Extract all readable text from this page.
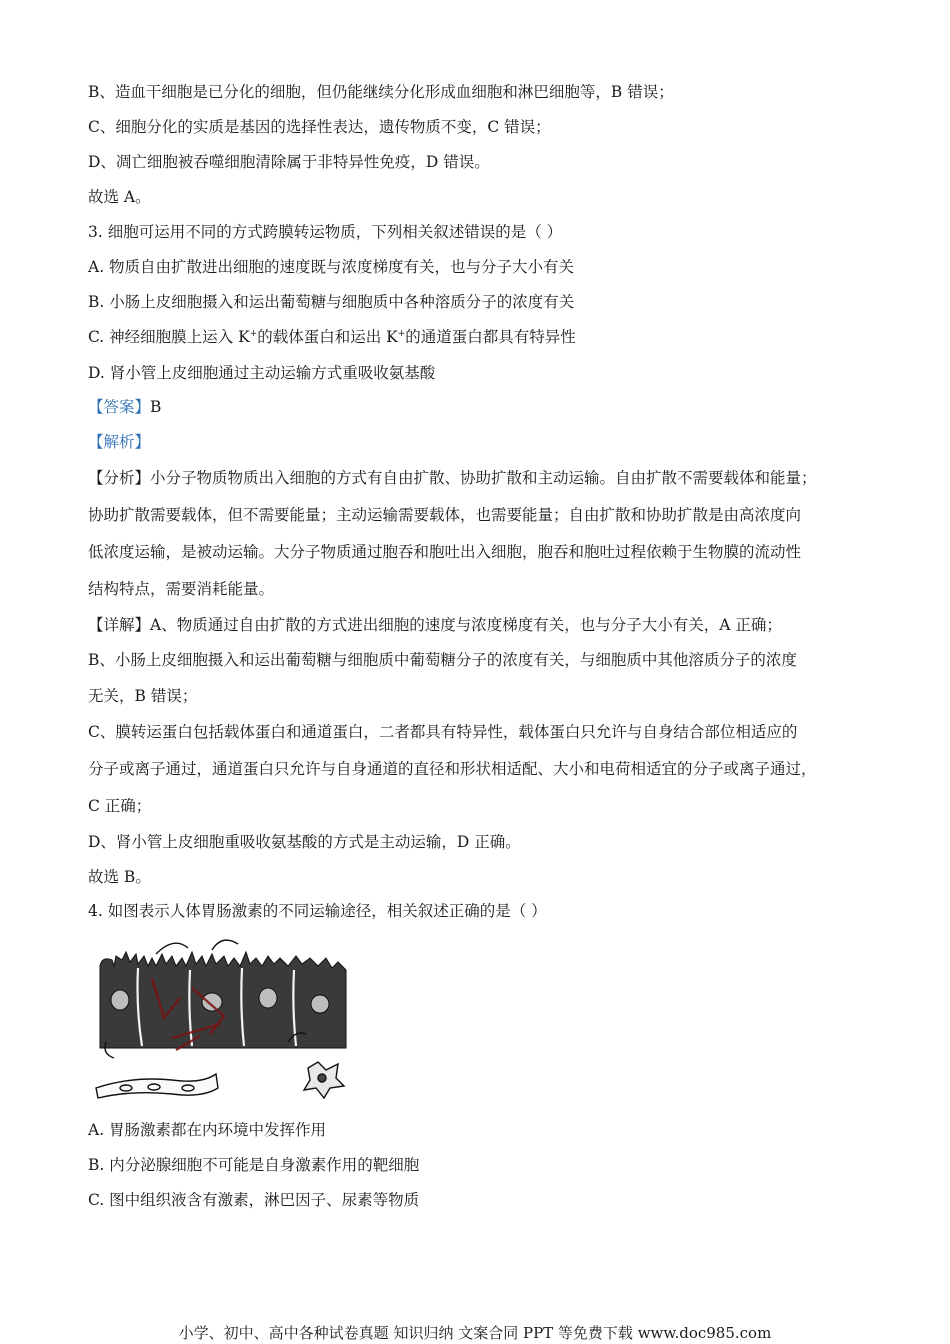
B、造血干细胞是已分化的细胞，但仍能继续分化形成血细胞和淋巴细胞等，B 错误；
C、细胞分化的实质是基因的选择性表达，遗传物质不变，C 错误；
D、凋亡细胞被吞噬细胞清除属于非特异性免疫，D 错误。
故选 A。
3. 细胞可运用不同的方式跨膜转运物质，下列相关叙述错误的是（ ）
A. 物质自由扩散进出细胞的速度既与浓度梯度有关，也与分子大小有关
B. 小肠上皮细胞摄入和运出葡萄糖与细胞质中各种溶质分子的浓度有关
C. 神经细胞膜上运入 K+的载体蛋白和运出 K+的通道蛋白都具有特异性
D. 肾小管上皮细胞通过主动运输方式重吸收氨基酸
【答案】B
【解析】
【分析】小分子物质物质出入细胞的方式有自由扩散、协助扩散和主动运输。自由扩散不需要载体和能量；
协助扩散需要载体，但不需要能量；主动运输需要载体，也需要能量；自由扩散和协助扩散是由高浓度向
低浓度运输，是被动运输。大分子物质通过胞吞和胞吐出入细胞，胞吞和胞吐过程依赖于生物膜的流动性
结构特点，需要消耗能量。
【详解】A、物质通过自由扩散的方式进出细胞的速度与浓度梯度有关，也与分子大小有关，A 正确；
B、小肠上皮细胞摄入和运出葡萄糖与细胞质中葡萄糖分子的浓度有关，与细胞质中其他溶质分子的浓度
无关，B 错误；
C、膜转运蛋白包括载体蛋白和通道蛋白，二者都具有特异性，载体蛋白只允许与自身结合部位相适应的
分子或离子通过，通道蛋白只允许与自身通道的直径和形状相适配、大小和电荷相适宜的分子或离子通过，
C 正确；
D、肾小管上皮细胞重吸收氨基酸的方式是主动运输，D 正确。
故选 B。
4. 如图表示人体胃肠激素的不同运输途径，相关叙述正确的是（ ）
A. 胃肠激素都在内环境中发挥作用
B. 内分泌腺细胞不可能是自身激素作用的靶细胞
C. 图中组织液含有激素，淋巴因子、尿素等物质
小学、初中、高中各种试卷真题 知识归纳 文案合同 PPT 等免费下载 www.doc985.com
